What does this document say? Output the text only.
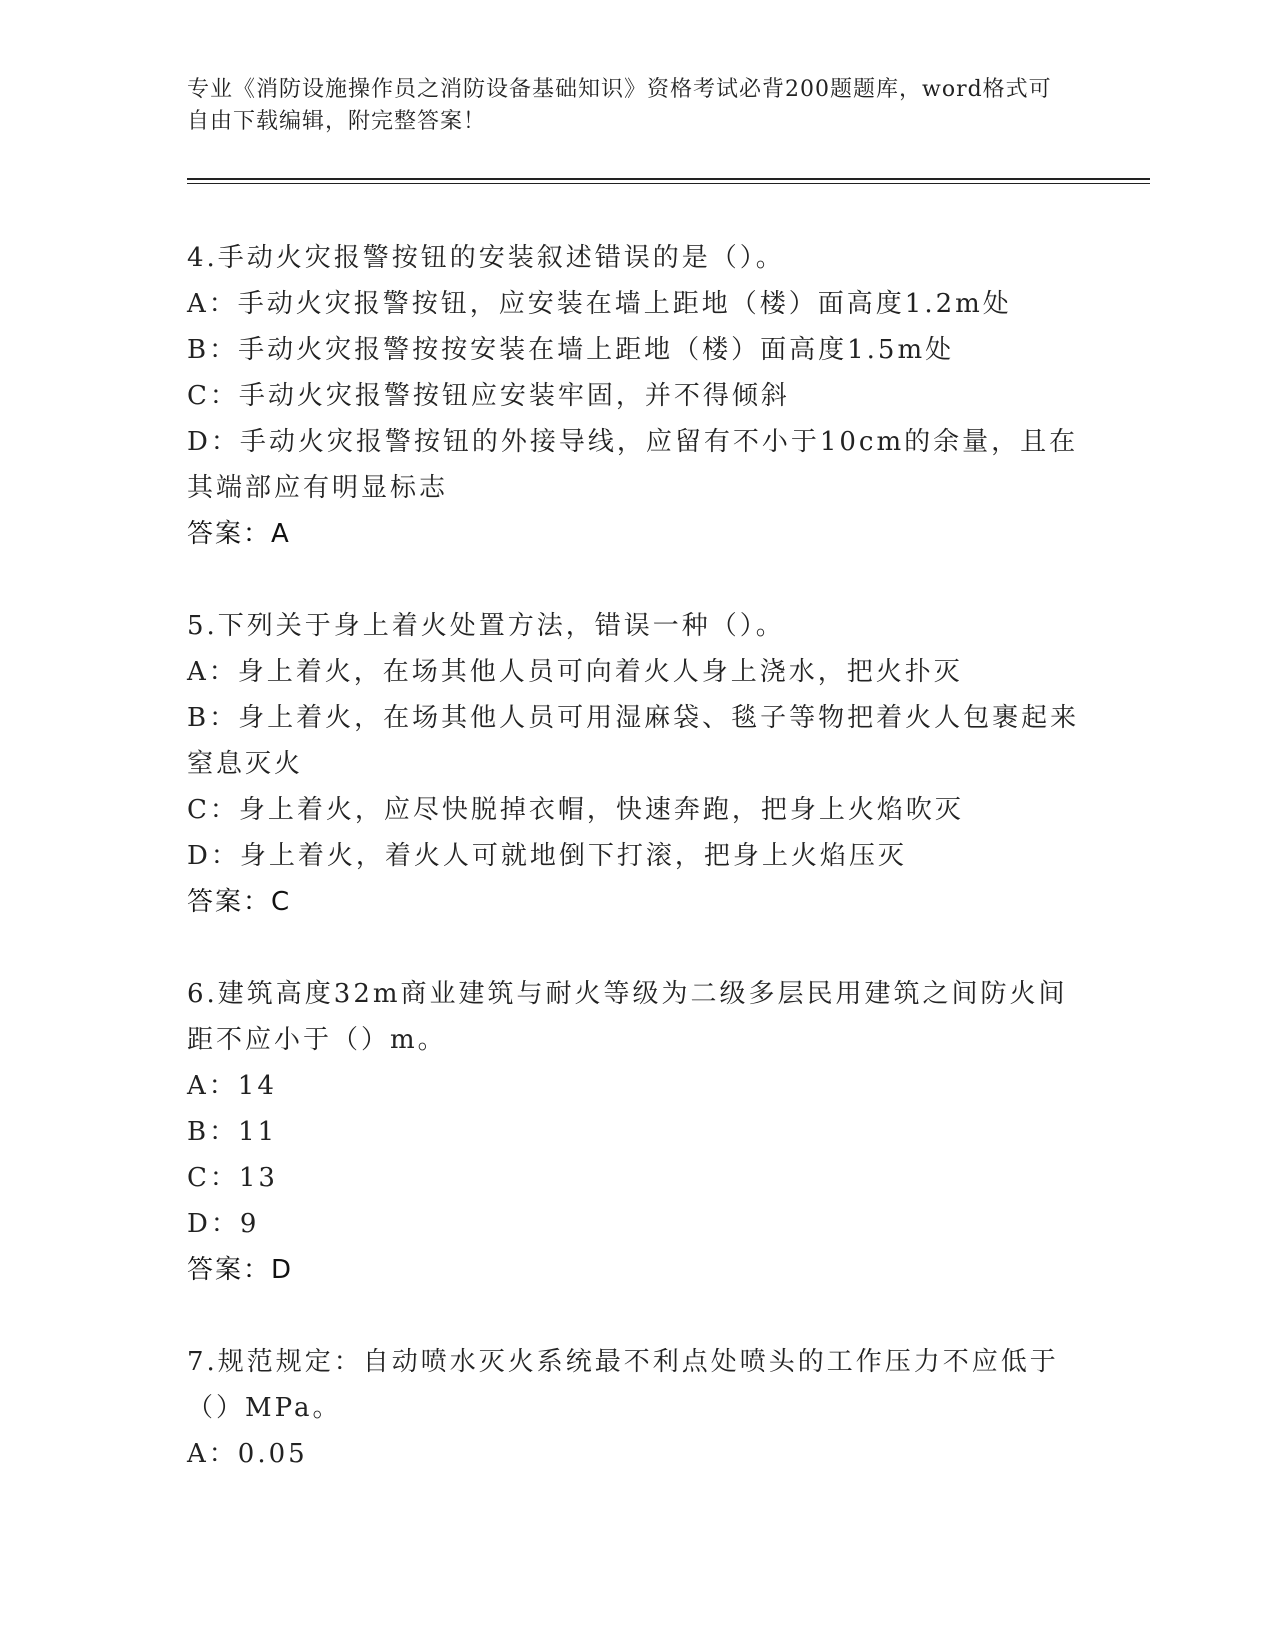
专业《消防设施操作员之消防设备基础知识》资格考试必背200题题库，word格式可自由下载编辑，附完整答案！
4.手动火灾报警按钮的安装叙述错误的是（）。
A：手动火灾报警按钮，应安装在墙上距地（楼）面高度1.2m处
B：手动火灾报警按按安装在墙上距地（楼）面高度1.5m处
C：手动火灾报警按钮应安装牢固，并不得倾斜
D：手动火灾报警按钮的外接导线，应留有不小于10cm的余量，且在其端部应有明显标志
答案：A
5.下列关于身上着火处置方法，错误一种（）。
A：身上着火，在场其他人员可向着火人身上浇水，把火扑灭
B：身上着火，在场其他人员可用湿麻袋、毯子等物把着火人包裹起来窒息灭火
C：身上着火，应尽快脱掉衣帽，快速奔跑，把身上火焰吹灭
D：身上着火，着火人可就地倒下打滚，把身上火焰压灭
答案：C
6.建筑高度32m商业建筑与耐火等级为二级多层民用建筑之间防火间距不应小于（）m。
A：14
B：11
C：13
D：9
答案：D
7.规范规定：自动喷水灭火系统最不利点处喷头的工作压力不应低于（）MPa。
A：0.05
